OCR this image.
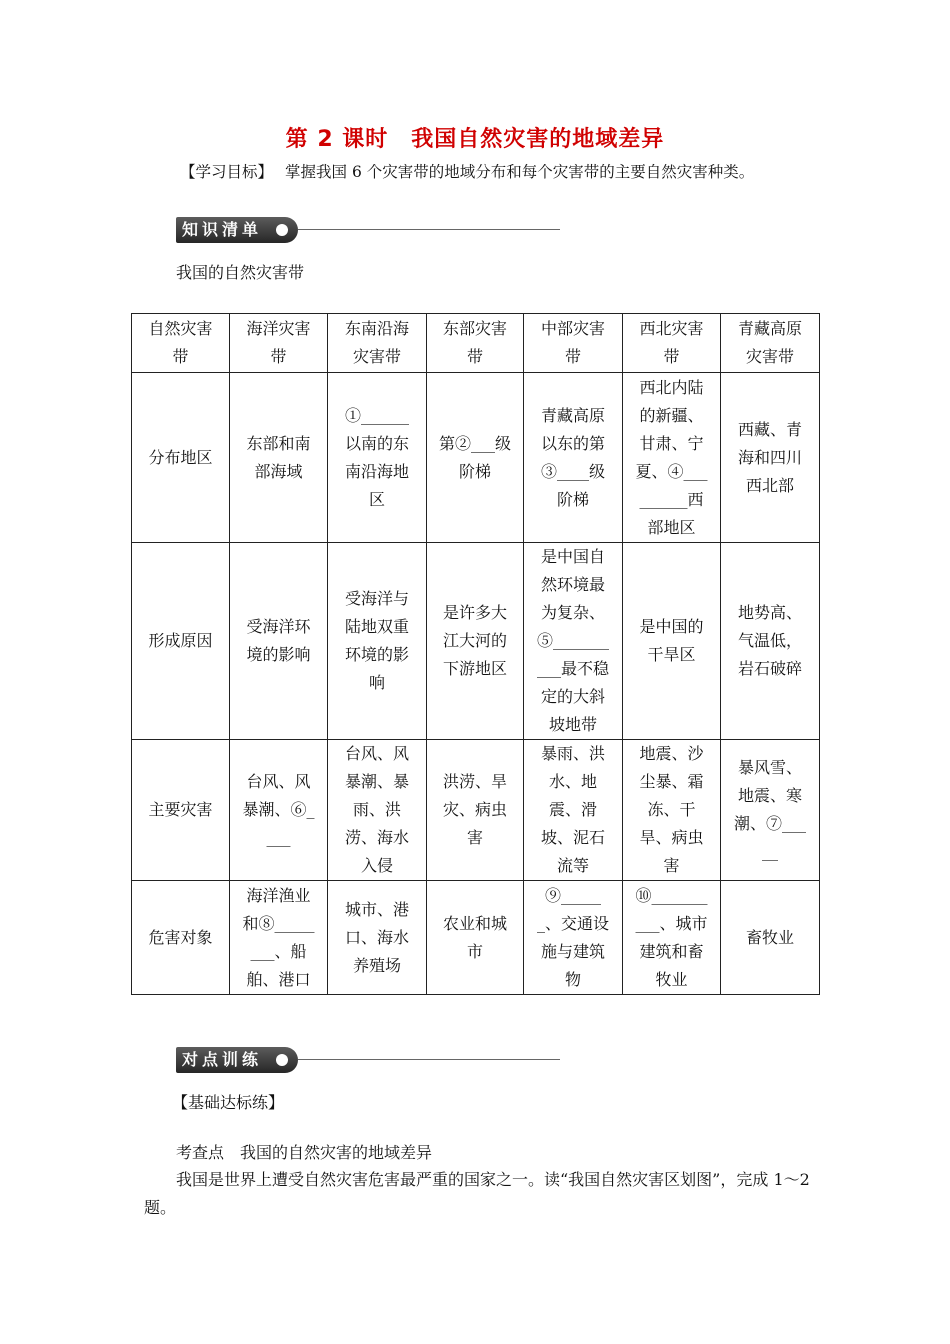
第 2 课时　我国自然灾害的地域差异
【学习目标】 掌握我国 6 个灾害带的地域分布和每个灾害带的主要自然灾害种类。
知识清单
我国的自然灾害带
自然灾害带	海洋灾害带	东南沿海灾害带	东部灾害带	中部灾害带	西北灾害带	青藏高原灾害带
分布地区	东部和南部海域	①______以南的东南沿海地区	第②___级阶梯	青藏高原以东的第③____级阶梯	西北内陆的新疆、甘肃、宁夏、④_________西部地区	西藏、青海和四川西北部
形成原因	受海洋环境的影响	受海洋与陆地双重环境的影响	是许多大江大河的下游地区	是中国自然环境最为复杂、⑤__________最不稳定的大斜坡地带	是中国的干旱区	地势高、气温低，岩石破碎
主要灾害	台风、风暴潮、⑥____	台风、风暴潮、暴雨、洪涝、海水入侵	洪涝、旱灾、病虫害	暴雨、洪水、地震、滑坡、泥石流等	地震、沙尘暴、霜冻、干旱、病虫害	暴风雪、地震、寒潮、⑦_____
危害对象	海洋渔业和⑧________、船舶、港口	城市、港口、海水养殖场	农业和城市	⑨______、交通设施与建筑物	⑩__________、城市建筑和畜牧业	畜牧业
对点训练
【基础达标练】
考查点　我国的自然灾害的地域差异
我国是世界上遭受自然灾害危害最严重的国家之一。读“我国自然灾害区划图”，完成 1～2 题。
